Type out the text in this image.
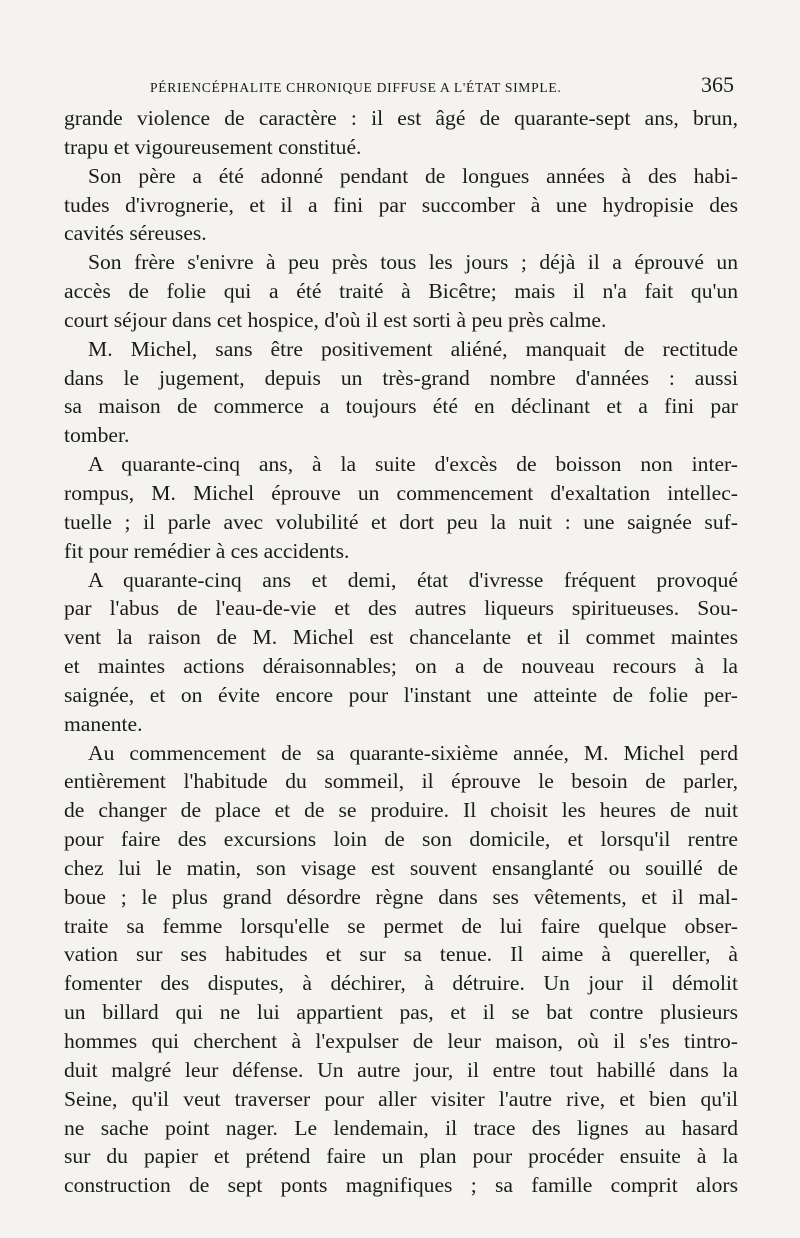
PÉRIENCÉPHALITE CHRONIQUE DIFFUSE A L'ÉTAT SIMPLE.	365

grande violence de caractère : il est âgé de quarante-sept ans, brun,

trapu et vigoureusement constitué.

Son père a été adonné pendant de longues années à des habi-

tudes d'ivrognerie, et il a fini par succomber à une hydropisie des

cavités séreuses.

Son frère s'enivre à peu près tous les jours ; déjà il a éprouvé un

accès de folie qui a été traité à Bicêtre; mais il n'a fait qu'un

court séjour dans cet hospice, d'où il est sorti à peu près calme.

M. Michel, sans être positivement aliéné, manquait de rectitude

dans le jugement, depuis un très-grand nombre d'années : aussi

sa maison de commerce a toujours été en déclinant et a fini par

tomber.

A quarante-cinq ans, à la suite d'excès de boisson non inter-

rompus, M. Michel éprouve un commencement d'exaltation intellec-

tuelle ; il parle avec volubilité et dort peu la nuit : une saignée suf-

fit pour remédier à ces accidents.

A quarante-cinq ans et demi, état d'ivresse fréquent provoqué

par l'abus de l'eau-de-vie et des autres liqueurs spiritueuses. Sou-

vent la raison de M. Michel est chancelante et il commet maintes

et maintes actions déraisonnables; on a de nouveau recours à la

saignée, et on évite encore pour l'instant une atteinte de folie per-

manente.

Au commencement de sa quarante-sixième année, M. Michel perd

entièrement l'habitude du sommeil, il éprouve le besoin de parler,

de changer de place et de se produire. Il choisit les heures de nuit

pour faire des excursions loin de son domicile, et lorsqu'il rentre

chez lui le matin, son visage est souvent ensanglanté ou souillé de

boue ; le plus grand désordre règne dans ses vêtements, et il mal-

traite sa femme lorsqu'elle se permet de lui faire quelque obser-

vation sur ses habitudes et sur sa tenue. Il aime à quereller, à

fomenter des disputes, à déchirer, à détruire. Un jour il démolit

un billard qui ne lui appartient pas, et il se bat contre plusieurs

hommes qui cherchent à l'expulser de leur maison, où il s'es tintro-

duit malgré leur défense. Un autre jour, il entre tout habillé dans la

Seine, qu'il veut traverser pour aller visiter l'autre rive, et bien qu'il

ne sache point nager. Le lendemain, il trace des lignes au hasard

sur du papier et prétend faire un plan pour procéder ensuite à la

construction de sept ponts magnifiques ; sa famille comprit alors
